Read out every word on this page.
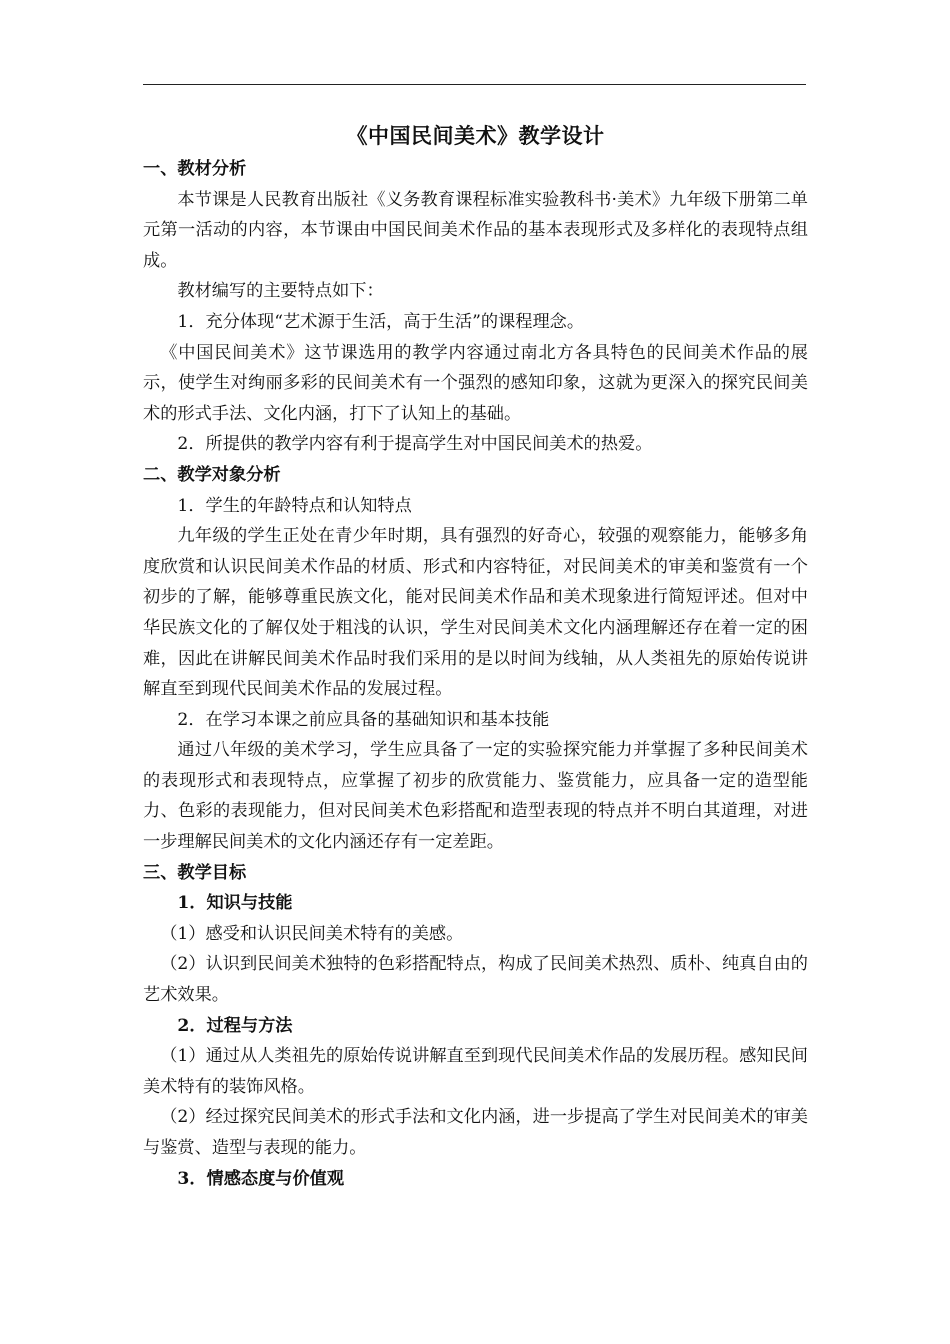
《中国民间美术》教学设计

一、教材分析

本节课是人民教育出版社《义务教育课程标准实验教科书·美术》九年级下册第二单元第一活动的内容，本节课由中国民间美术作品的基本表现形式及多样化的表现特点组成。

教材编写的主要特点如下：

1．充分体现“艺术源于生活，高于生活”的课程理念。

《中国民间美术》这节课选用的教学内容通过南北方各具特色的民间美术作品的展示，使学生对绚丽多彩的民间美术有一个强烈的感知印象，这就为更深入的探究民间美术的形式手法、文化内涵，打下了认知上的基础。

2．所提供的教学内容有利于提高学生对中国民间美术的热爱。

二、教学对象分析

1．学生的年龄特点和认知特点

九年级的学生正处在青少年时期，具有强烈的好奇心，较强的观察能力，能够多角度欣赏和认识民间美术作品的材质、形式和内容特征，对民间美术的审美和鉴赏有一个初步的了解，能够尊重民族文化，能对民间美术作品和美术现象进行简短评述。但对中华民族文化的了解仅处于粗浅的认识，学生对民间美术文化内涵理解还存在着一定的困难，因此在讲解民间美术作品时我们采用的是以时间为线轴，从人类祖先的原始传说讲解直至到现代民间美术作品的发展过程。

2．在学习本课之前应具备的基础知识和基本技能

通过八年级的美术学习，学生应具备了一定的实验探究能力并掌握了多种民间美术的表现形式和表现特点，应掌握了初步的欣赏能力、鉴赏能力，应具备一定的造型能力、色彩的表现能力，但对民间美术色彩搭配和造型表现的特点并不明白其道理，对进一步理解民间美术的文化内涵还存有一定差距。

三、教学目标

1．知识与技能

（1）感受和认识民间美术特有的美感。

（2）认识到民间美术独特的色彩搭配特点，构成了民间美术热烈、质朴、纯真自由的艺术效果。

2．过程与方法

（1）通过从人类祖先的原始传说讲解直至到现代民间美术作品的发展历程。感知民间美术特有的装饰风格。

（2）经过探究民间美术的形式手法和文化内涵，进一步提高了学生对民间美术的审美与鉴赏、造型与表现的能力。

3．情感态度与价值观
